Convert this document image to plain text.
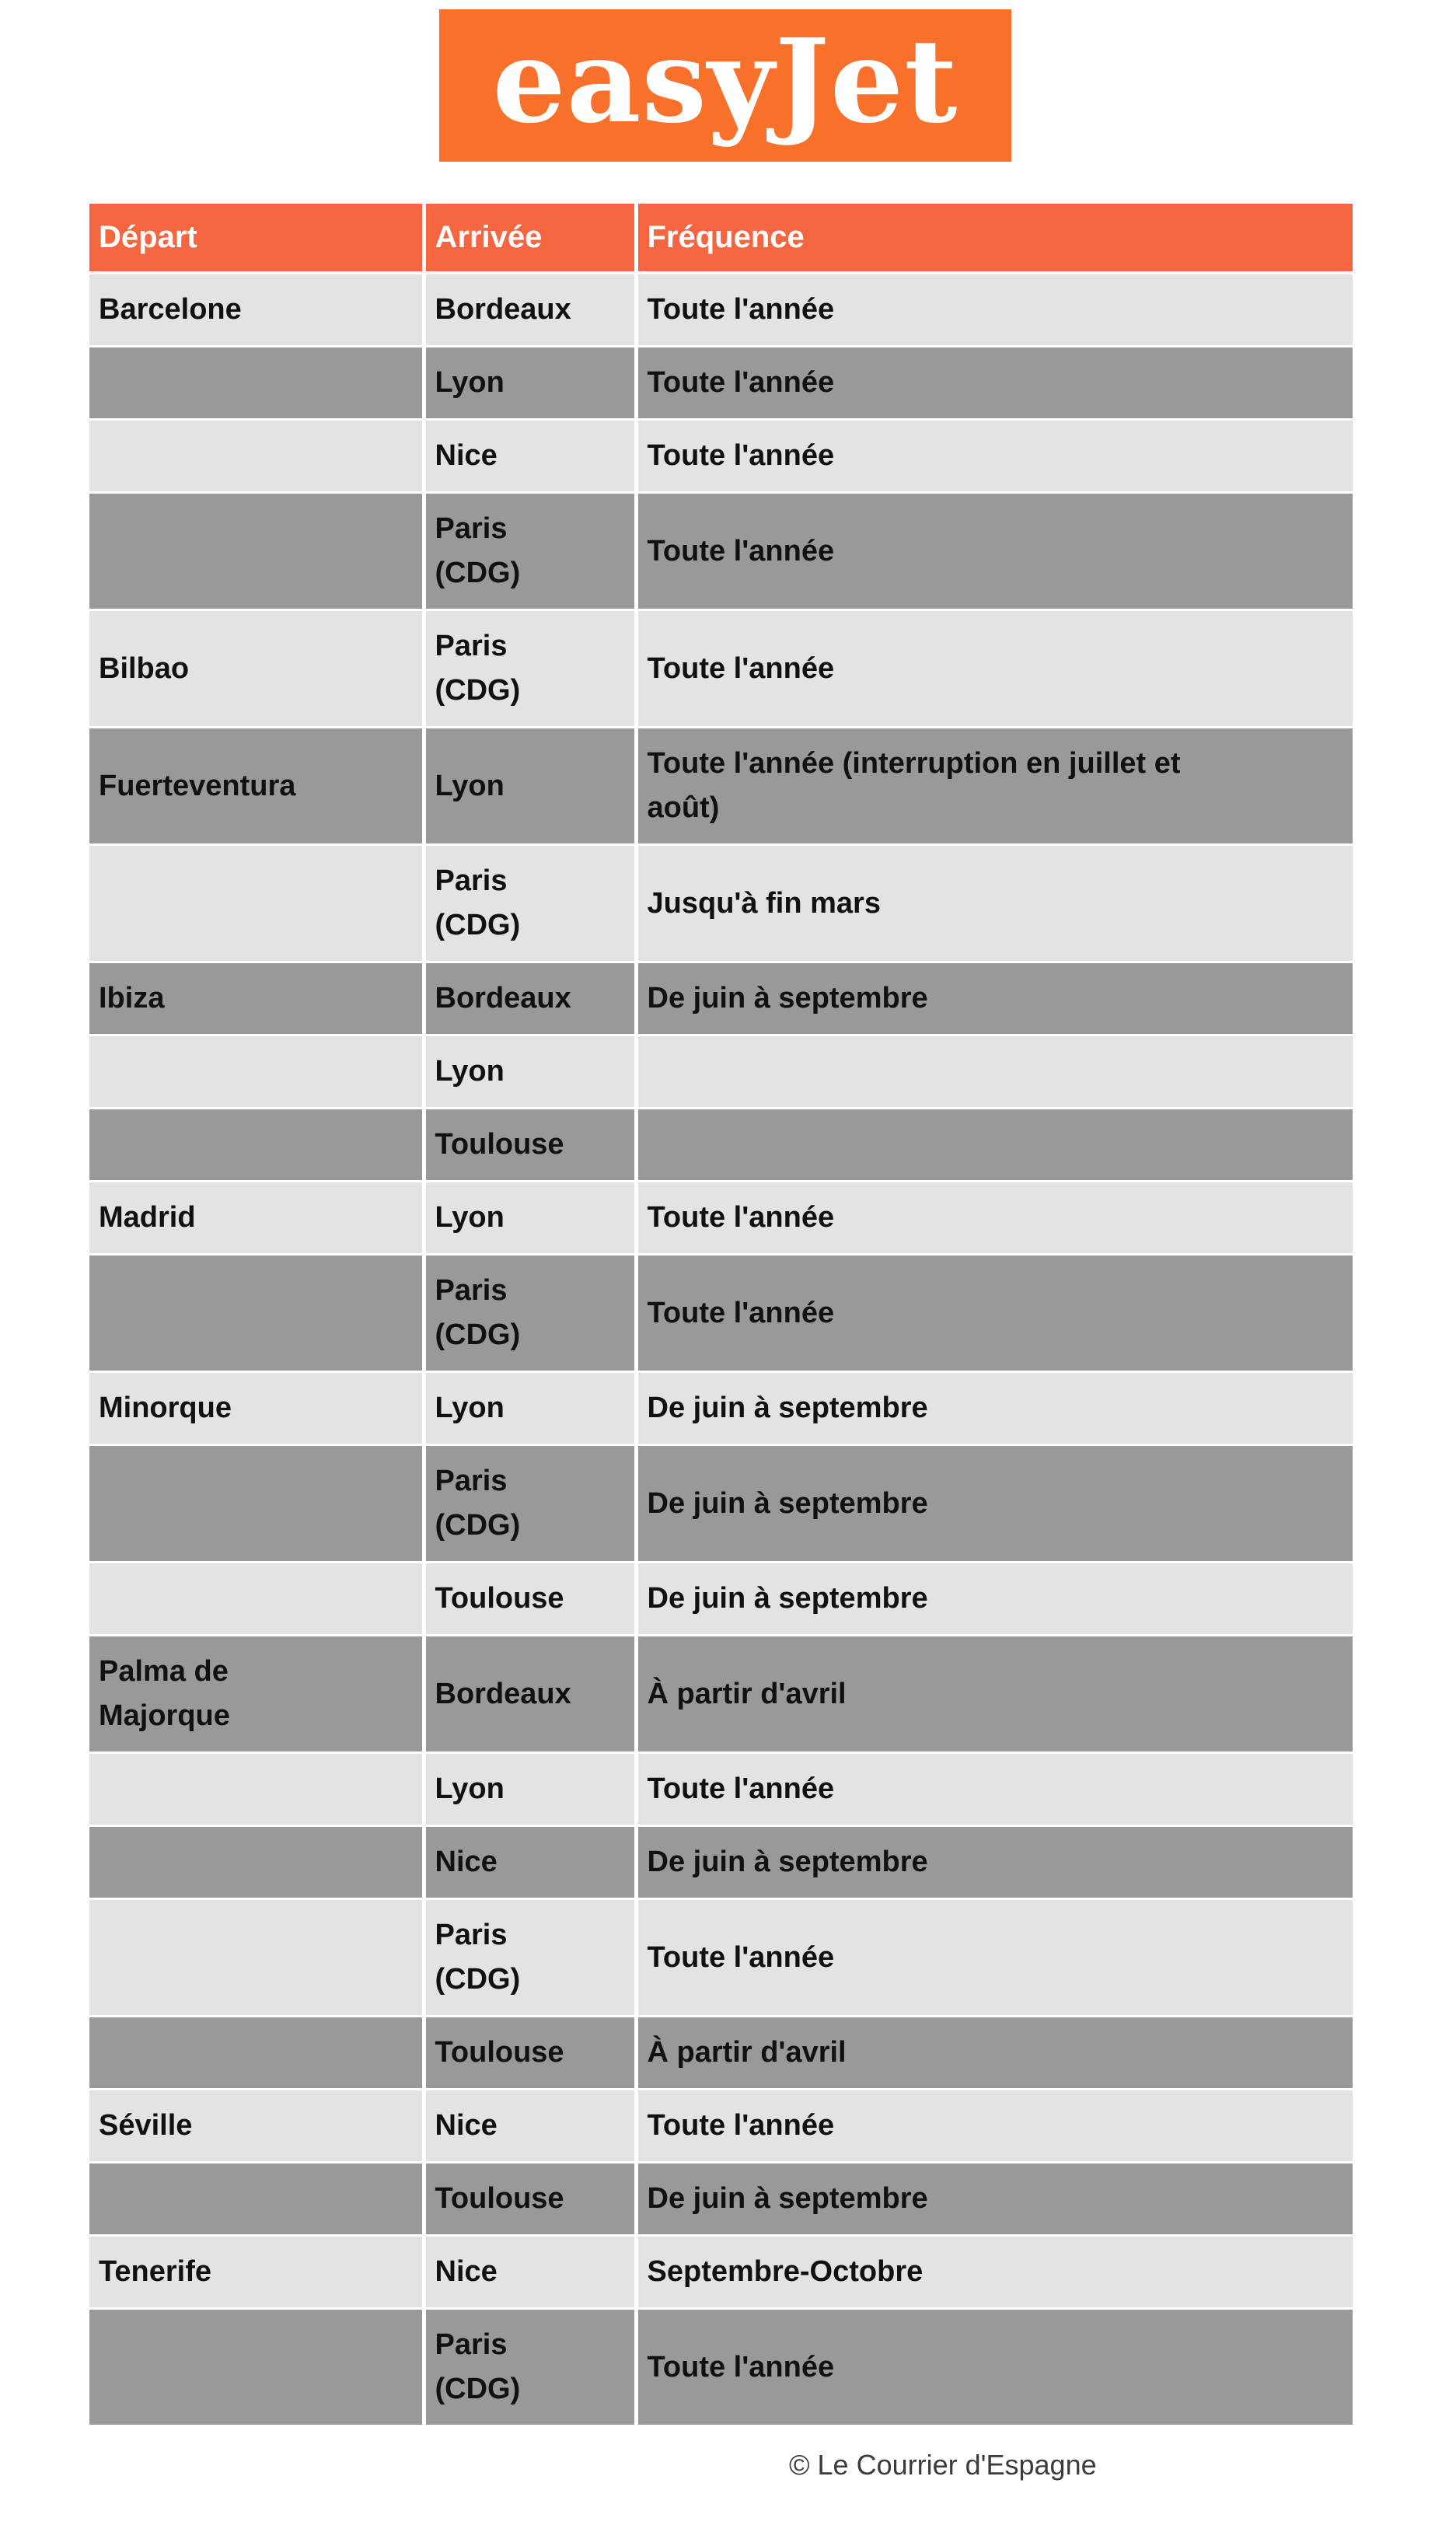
easyJet
Départ	Arrivée	Fréquence
Barcelone	Bordeaux	Toute l'année
	Lyon	Toute l'année
	Nice	Toute l'année
	Paris (CDG)	Toute l'année
Bilbao	Paris (CDG)	Toute l'année
Fuerteventura	Lyon	Toute l'année (interruption en juillet et août)
	Paris (CDG)	Jusqu'à fin mars
Ibiza	Bordeaux	De juin à septembre
	Lyon	
	Toulouse	
Madrid	Lyon	Toute l'année
	Paris (CDG)	Toute l'année
Minorque	Lyon	De juin à septembre
	Paris (CDG)	De juin à septembre
	Toulouse	De juin à septembre
Palma de Majorque	Bordeaux	À partir d'avril
	Lyon	Toute l'année
	Nice	De juin à septembre
	Paris (CDG)	Toute l'année
	Toulouse	À partir d'avril
Séville	Nice	Toute l'année
	Toulouse	De juin à septembre
Tenerife	Nice	Septembre-Octobre
	Paris (CDG)	Toute l'année
© Le Courrier d'Espagne
